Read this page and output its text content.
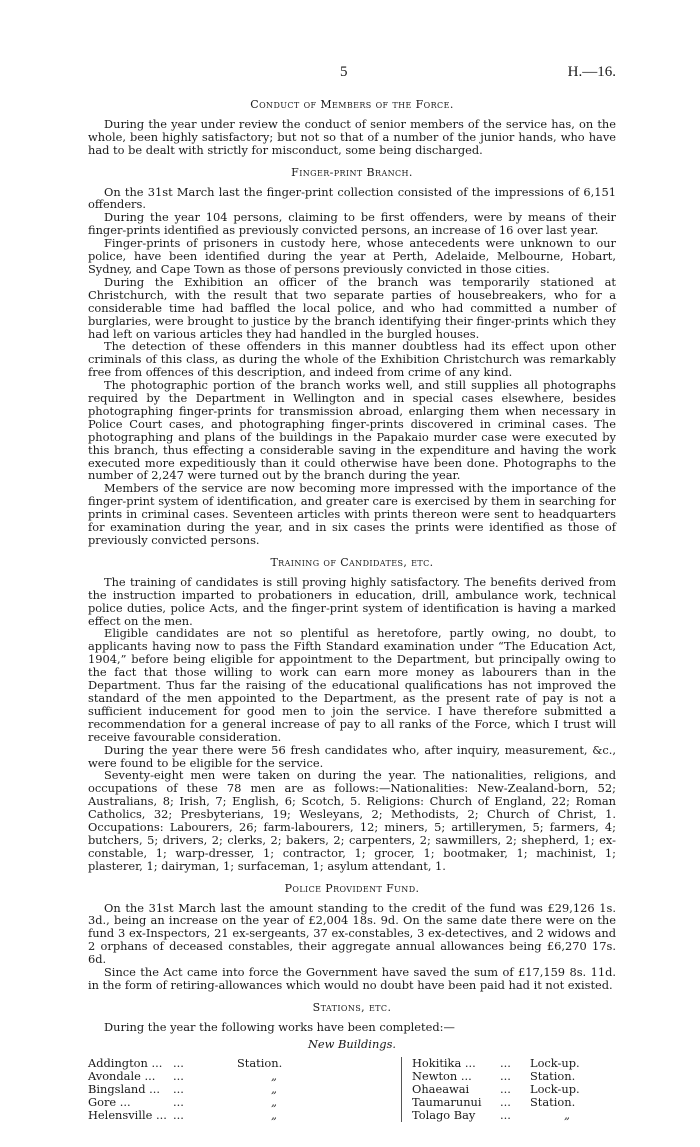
5	H.—16.
Conduct of Members of the Force.

During the year under review the conduct of senior members of the service has, on the whole, been highly satisfactory; but not so that of a number of the junior hands, who have had to be dealt with strictly for misconduct, some being discharged.

Finger-print Branch.

On the 31st March last the finger-print collection consisted of the impressions of 6,151 offenders.

During the year 104 persons, claiming to be first offenders, were by means of their finger-prints identified as previously convicted persons, an increase of 16 over last year.

Finger-prints of prisoners in custody here, whose antecedents were unknown to our police, have been identified during the year at Perth, Adelaide, Melbourne, Hobart, Sydney, and Cape Town as those of persons previously convicted in those cities.

During the Exhibition an officer of the branch was temporarily stationed at Christchurch, with the result that two separate parties of housebreakers, who for a considerable time had baffled the local police, and who had committed a number of burglaries, were brought to justice by the branch identifying their finger-prints which they had left on various articles they had handled in the burgled houses.

The detection of these offenders in this manner doubtless had its effect upon other criminals of this class, as during the whole of the Exhibition Christchurch was remarkably free from offences of this description, and indeed from crime of any kind.

The photographic portion of the branch works well, and still supplies all photographs required by the Department in Wellington and in special cases elsewhere, besides photographing finger-prints for transmission abroad, enlarging them when necessary in Police Court cases, and photographing finger-prints discovered in criminal cases. The photographing and plans of the buildings in the Papakaio murder case were executed by this branch, thus effecting a considerable saving in the expenditure and having the work executed more expeditiously than it could otherwise have been done. Photographs to the number of 2,247 were turned out by the branch during the year.

Members of the service are now becoming more impressed with the importance of the finger-print system of identification, and greater care is exercised by them in searching for prints in criminal cases. Seventeen articles with prints thereon were sent to headquarters for examination during the year, and in six cases the prints were identified as those of previously convicted persons.

Training of Candidates, etc.

The training of candidates is still proving highly satisfactory. The benefits derived from the instruction imparted to probationers in education, drill, ambulance work, technical police duties, police Acts, and the finger-print system of identification is having a marked effect on the men.

Eligible candidates are not so plentiful as heretofore, partly owing, no doubt, to applicants having now to pass the Fifth Standard examination under “The Education Act, 1904,” before being eligible for appointment to the Department, but principally owing to the fact that those willing to work can earn more money as labourers than in the Department. Thus far the raising of the educational qualifications has not improved the standard of the men appointed to the Department, as the present rate of pay is not a sufficient inducement for good men to join the service. I have therefore submitted a recommendation for a general increase of pay to all ranks of the Force, which I trust will receive favourable consideration.

During the year there were 56 fresh candidates who, after inquiry, measurement, &c., were found to be eligible for the service.

Seventy-eight men were taken on during the year. The nationalities, religions, and occupations of these 78 men are as follows:—Nationalities: New-Zealand-born, 52; Australians, 8; Irish, 7; English, 6; Scotch, 5. Religions: Church of England, 22; Roman Catholics, 32; Presbyterians, 19; Wesleyans, 2; Methodists, 2; Church of Christ, 1. Occupations: Labourers, 26; farm-labourers, 12; miners, 5; artillerymen, 5; farmers, 4; butchers, 5; drivers, 2; clerks, 2; bakers, 2; carpenters, 2; sawmillers, 2; shepherd, 1; ex-constable, 1; warp-dresser, 1; contractor, 1; grocer, 1; bootmaker, 1; machinist, 1; plasterer, 1; dairyman, 1; surfaceman, 1; asylum attendant, 1.

Police Provident Fund.

On the 31st March last the amount standing to the credit of the fund was £29,126 1s. 3d., being an increase on the year of £2,004 18s. 9d. On the same date there were on the fund 3 ex-Inspectors, 21 ex-sergeants, 37 ex-constables, 3 ex-detectives, and 2 widows and 2 orphans of deceased constables, their aggregate annual allowances being £6,270 17s. 6d.

Since the Act came into force the Government have saved the sum of £17,159 8s. 11d. in the form of retiring-allowances which would no doubt have been paid had it not existed.

Stations, etc.

During the year the following works have been completed:—

New Buildings.
Addington ...	...	Station.		Hokitika ...	...	Lock-up.
Avondale ...	...	„		Newton ...	...	Station.
Bingsland ...	...	„		Ohaeawai	...	Lock-up.
Gore ...	...	„		Taumarunui	...	Station.
Helensville ...	...	„		Tolago Bay	...	„
